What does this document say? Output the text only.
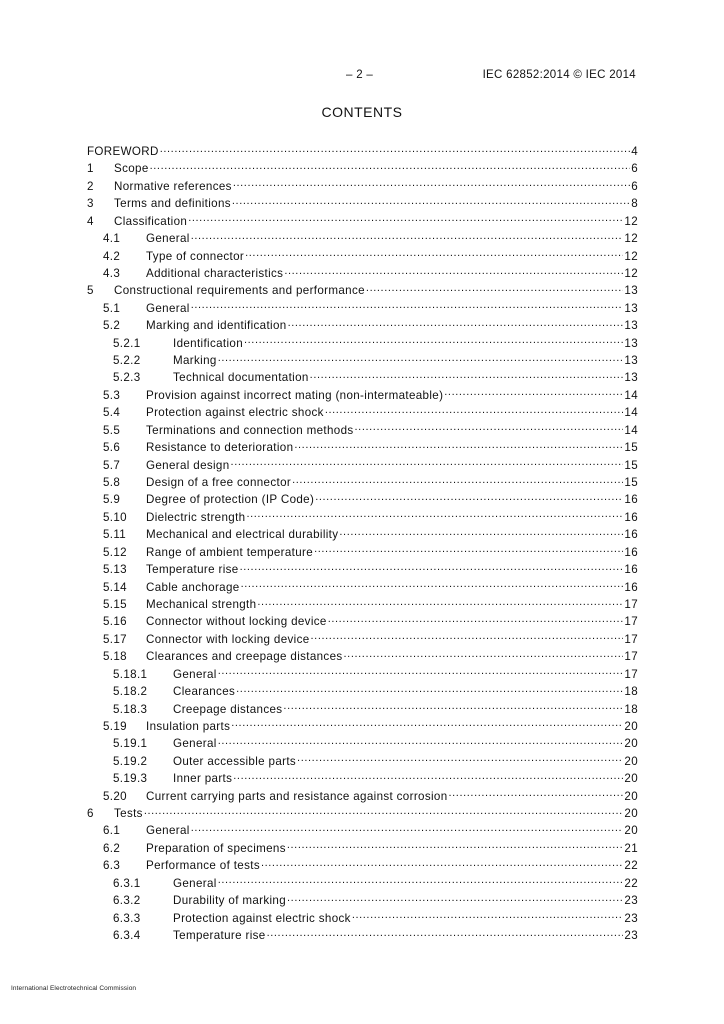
– 2 –	IEC 62852:2014 © IEC 2014
CONTENTS
FOREWORD .....	4
1	Scope .....	6
2	Normative references .....	6
3	Terms and definitions .....	8
4	Classification .....	12
4.1	General .....	12
4.2	Type of connector .....	12
4.3	Additional characteristics .....	12
5	Constructional requirements and performance .....	13
5.1	General .....	13
5.2	Marking and identification .....	13
5.2.1	Identification .....	13
5.2.2	Marking .....	13
5.2.3	Technical documentation .....	13
5.3	Provision against incorrect mating (non-intermateable) .....	14
5.4	Protection against electric shock .....	14
5.5	Terminations and connection methods .....	14
5.6	Resistance to deterioration .....	15
5.7	General design .....	15
5.8	Design of a free connector .....	15
5.9	Degree of protection (IP Code) .....	16
5.10	Dielectric strength .....	16
5.11	Mechanical and electrical durability .....	16
5.12	Range of ambient temperature .....	16
5.13	Temperature rise .....	16
5.14	Cable anchorage .....	16
5.15	Mechanical strength .....	17
5.16	Connector without locking device .....	17
5.17	Connector with locking device .....	17
5.18	Clearances and creepage distances .....	17
5.18.1	General .....	17
5.18.2	Clearances .....	18
5.18.3	Creepage distances .....	18
5.19	Insulation parts .....	20
5.19.1	General .....	20
5.19.2	Outer accessible parts .....	20
5.19.3	Inner parts .....	20
5.20	Current carrying parts and resistance against corrosion .....	20
6	Tests .....	20
6.1	General .....	20
6.2	Preparation of specimens .....	21
6.3	Performance of tests .....	22
6.3.1	General .....	22
6.3.2	Durability of marking .....	23
6.3.3	Protection against electric shock .....	23
6.3.4	Temperature rise .....	23
International Electrotechnical Commission
